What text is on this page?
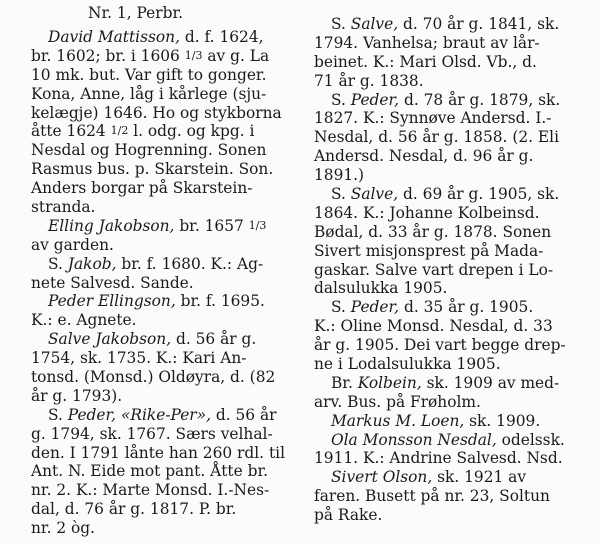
Nr. 1, Perbr.
David Mattisson, d. f. 1624,
br. 1602; br. i 1606 1/3 av g. La
10 mk. but. Var gift to gonger.
Kona, Anne, låg i kårlege (sju-
kelægje) 1646. Ho og stykborna
åtte 1624 1/2 l. odg. og kpg. i
Nesdal og Hogrenning. Sonen
Rasmus bus. p. Skarstein. Son.
Anders borgar på Skarstein-
stranda.
Elling Jakobson, br. 1657 1/3
av garden.
S. Jakob, br. f. 1680. K.: Ag-
nete Salvesd. Sande.
Peder Ellingson, br. f. 1695.
K.: e. Agnete.
Salve Jakobson, d. 56 år g.
1754, sk. 1735. K.: Kari An-
tonsd. (Monsd.) Oldøyra, d. (82
år g. 1793).
S. Peder, «Rike-Per», d. 56 år
g. 1794, sk. 1767. Særs velhal-
den. I 1791 lånte han 260 rdl. til
Ant. N. Eide mot pant. Åtte br.
nr. 2. K.: Marte Monsd. I.-Nes-
dal, d. 76 år g. 1817. P. br.
nr. 2 òg.
S. Salve, d. 70 år g. 1841, sk.
1794. Vanhelsa; braut av lår-
beinet. K.: Mari Olsd. Vb., d.
71 år g. 1838.
S. Peder, d. 78 år g. 1879, sk.
1827. K.: Synnøve Andersd. I.-
Nesdal, d. 56 år g. 1858. (2. Eli
Andersd. Nesdal, d. 96 år g.
1891.)
S. Salve, d. 69 år g. 1905, sk.
1864. K.: Johanne Kolbeinsd.
Bødal, d. 33 år g. 1878. Sonen
Sivert misjonsprest på Mada-
gaskar. Salve vart drepen i Lo-
dalsulukka 1905.
S. Peder, d. 35 år g. 1905.
K.: Oline Monsd. Nesdal, d. 33
år g. 1905. Dei vart begge drep-
ne i Lodalsulukka 1905.
Br. Kolbein, sk. 1909 av med-
arv. Bus. på Frøholm.
Markus M. Loen, sk. 1909.
Ola Monsson Nesdal, odelssk.
1911. K.: Andrine Salvesd. Nsd.
Sivert Olson, sk. 1921 av
faren. Busett på nr. 23, Soltun
på Rake.
